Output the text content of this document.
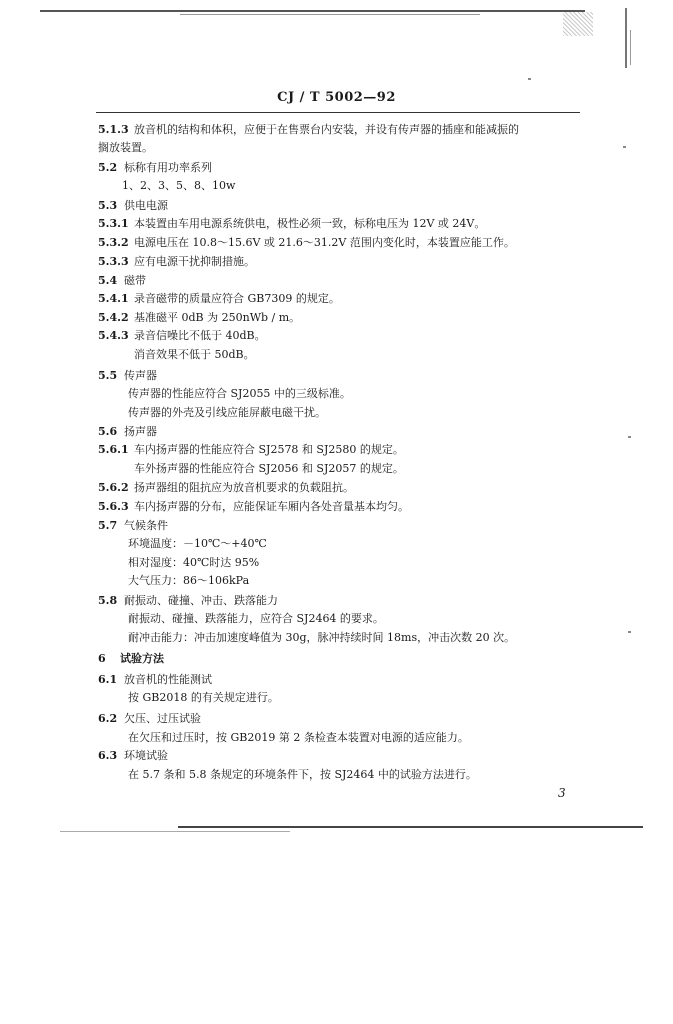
CJ / T 5002—92
5.1.3 放音机的结构和体积，应便于在售票台内安装，并设有传声器的插座和能减振的
搁放装置。
5.2 标称有用功率系列
1、2、3、5、8、10w
5.3 供电电源
5.3.1 本装置由车用电源系统供电，极性必须一致，标称电压为 12V 或 24V。
5.3.2 电源电压在 10.8～15.6V 或 21.6～31.2V 范围内变化时，本装置应能工作。
5.3.3 应有电源干扰抑制措施。
5.4 磁带
5.4.1 录音磁带的质量应符合 GB7309 的规定。
5.4.2 基准磁平 0dB 为 250nWb / m。
5.4.3 录音信噪比不低于 40dB。
消音效果不低于 50dB。
5.5 传声器
传声器的性能应符合 SJ2055 中的三级标准。
传声器的外壳及引线应能屏蔽电磁干扰。
5.6 扬声器
5.6.1 车内扬声器的性能应符合 SJ2578 和 SJ2580 的规定。
车外扬声器的性能应符合 SJ2056 和 SJ2057 的规定。
5.6.2 扬声器组的阻抗应为放音机要求的负载阻抗。
5.6.3 车内扬声器的分布，应能保证车厢内各处音量基本均匀。
5.7 气候条件
环境温度：－10℃～+40℃
相对湿度：40℃时达 95%
大气压力：86～106kPa
5.8 耐振动、碰撞、冲击、跌落能力
耐振动、碰撞、跌落能力，应符合 SJ2464 的要求。
耐冲击能力：冲击加速度峰值为 30g，脉冲持续时间 18ms，冲击次数 20 次。
6 试验方法
6.1 放音机的性能测试
按 GB2018 的有关规定进行。
6.2 欠压、过压试验
在欠压和过压时，按 GB2019 第 2 条检查本装置对电源的适应能力。
6.3 环境试验
在 5.7 条和 5.8 条规定的环境条件下，按 SJ2464 中的试验方法进行。
3
